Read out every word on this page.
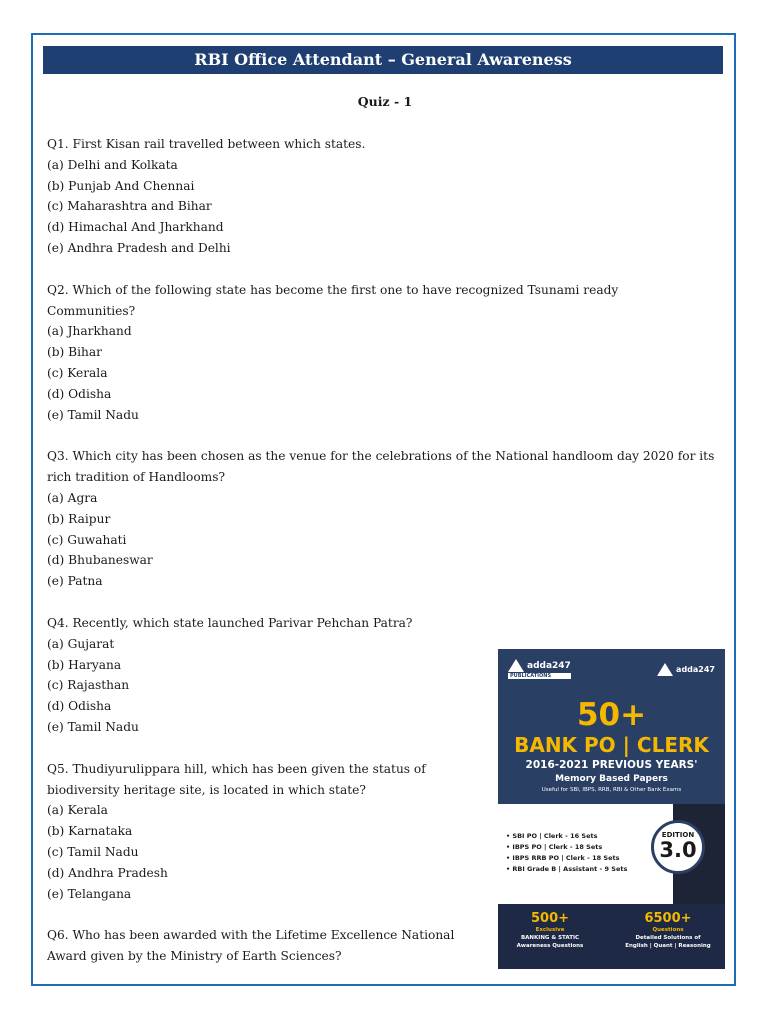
RBI Office Attendant – General Awareness
Quiz - 1
Q1. First Kisan rail travelled between which states.
(a) Delhi and Kolkata
(b) Punjab And Chennai
(c) Maharashtra and Bihar
(d) Himachal And Jharkhand
(e) Andhra Pradesh and Delhi
Q2. Which of the following state has become the first one to have recognized Tsunami ready Communities?
(a) Jharkhand
(b) Bihar
(c) Kerala
(d) Odisha
(e) Tamil Nadu
Q3. Which city has been chosen as the venue for the celebrations of the National handloom day 2020 for its rich tradition of Handlooms?
(a) Agra
(b) Raipur
(c) Guwahati
(d) Bhubaneswar
(e) Patna
Q4. Recently, which state launched Parivar Pehchan Patra?
(a) Gujarat
(b) Haryana
(c) Rajasthan
(d) Odisha
(e) Tamil Nadu
Q5. Thudiyurulippara hill, which has been given the status of biodiversity heritage site, is located in which state?
(a) Kerala
(b) Karnataka
(c) Tamil Nadu
(d) Andhra Pradesh
(e) Telangana
Q6. Who has been awarded with the Lifetime Excellence National Award given by the Ministry of Earth Sciences?
adda247
PUBLICATIONS
adda247
50+
BANK PO | CLERK
2016-2021 PREVIOUS YEARS'
Memory Based Papers
Useful for SBI, IBPS, RRB, RBI & Other Bank Exams
• SBI PO | Clerk - 16 Sets
• IBPS PO | Clerk - 18 Sets
• IBPS RRB PO | Clerk - 18 Sets
• RBI Grade B | Assistant - 9 Sets
EDITION
3.0
500+
Exclusive
BANKING & STATIC
Awareness Questions
6500+
Questions
Detailed Solutions of
English | Quant | Reasoning
